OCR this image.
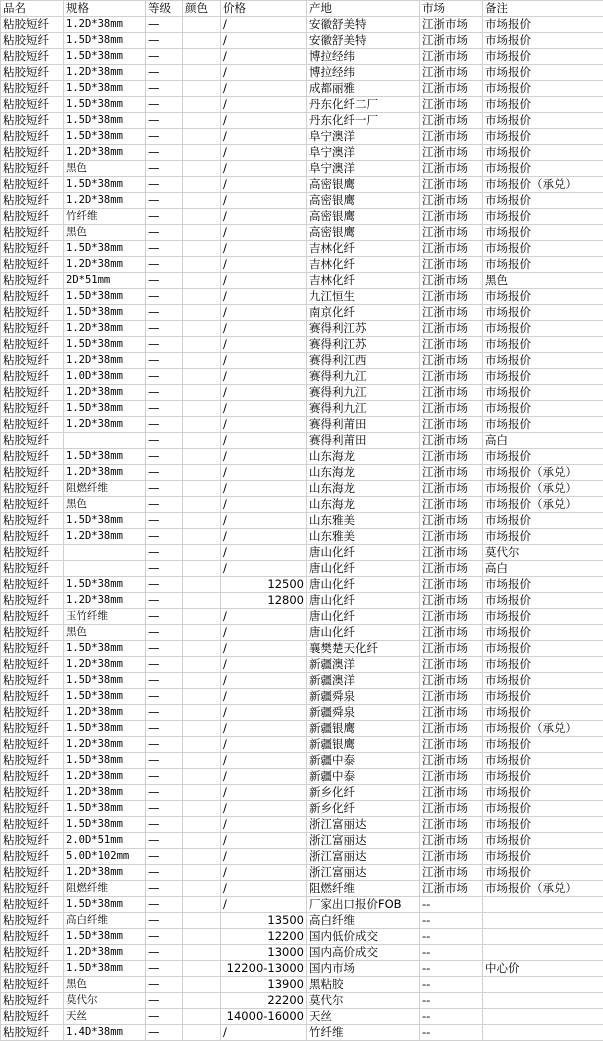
品名	规格	等级	颜色	价格	产地	市场	备注
粘胶短纤	1.2D*38mm	—		/	安徽舒美特	江浙市场	市场报价
粘胶短纤	1.5D*38mm	—		/	安徽舒美特	江浙市场	市场报价
粘胶短纤	1.5D*38mm	—		/	博拉经纬	江浙市场	市场报价
粘胶短纤	1.2D*38mm	—		/	博拉经纬	江浙市场	市场报价
粘胶短纤	1.5D*38mm	—		/	成都丽雅	江浙市场	市场报价
粘胶短纤	1.5D*38mm	—		/	丹东化纤二厂	江浙市场	市场报价
粘胶短纤	1.5D*38mm	—		/	丹东化纤一厂	江浙市场	市场报价
粘胶短纤	1.5D*38mm	—		/	阜宁澳洋	江浙市场	市场报价
粘胶短纤	1.2D*38mm	—		/	阜宁澳洋	江浙市场	市场报价
粘胶短纤	黑色	—		/	阜宁澳洋	江浙市场	市场报价
粘胶短纤	1.5D*38mm	—		/	高密银鹰	江浙市场	市场报价（承兑）
粘胶短纤	1.2D*38mm	—		/	高密银鹰	江浙市场	市场报价
粘胶短纤	竹纤维	—		/	高密银鹰	江浙市场	市场报价
粘胶短纤	黑色	—		/	高密银鹰	江浙市场	市场报价
粘胶短纤	1.5D*38mm	—		/	吉林化纤	江浙市场	市场报价
粘胶短纤	1.2D*38mm	—		/	吉林化纤	江浙市场	市场报价
粘胶短纤	2D*51mm	—		/	吉林化纤	江浙市场	黑色
粘胶短纤	1.5D*38mm	—		/	九江恒生	江浙市场	市场报价
粘胶短纤	1.5D*38mm	—		/	南京化纤	江浙市场	市场报价
粘胶短纤	1.2D*38mm	—		/	赛得利江苏	江浙市场	市场报价
粘胶短纤	1.5D*38mm	—		/	赛得利江苏	江浙市场	市场报价
粘胶短纤	1.2D*38mm	—		/	赛得利江西	江浙市场	市场报价
粘胶短纤	1.0D*38mm	—		/	赛得利九江	江浙市场	市场报价
粘胶短纤	1.2D*38mm	—		/	赛得利九江	江浙市场	市场报价
粘胶短纤	1.5D*38mm	—		/	赛得利九江	江浙市场	市场报价
粘胶短纤	1.2D*38mm	—		/	赛得利莆田	江浙市场	市场报价
粘胶短纤		—		/	赛得利莆田	江浙市场	高白
粘胶短纤	1.5D*38mm	—		/	山东海龙	江浙市场	市场报价
粘胶短纤	1.2D*38mm	—		/	山东海龙	江浙市场	市场报价（承兑）
粘胶短纤	阻燃纤维	—		/	山东海龙	江浙市场	市场报价（承兑）
粘胶短纤	黑色	—		/	山东海龙	江浙市场	市场报价（承兑）
粘胶短纤	1.5D*38mm	—		/	山东雅美	江浙市场	市场报价
粘胶短纤	1.2D*38mm	—		/	山东雅美	江浙市场	市场报价
粘胶短纤		—		/	唐山化纤	江浙市场	莫代尔
粘胶短纤		—		/	唐山化纤	江浙市场	高白
粘胶短纤	1.5D*38mm	—		12500	唐山化纤	江浙市场	市场报价
粘胶短纤	1.2D*38mm	—		12800	唐山化纤	江浙市场	市场报价
粘胶短纤	玉竹纤维	—		/	唐山化纤	江浙市场	市场报价
粘胶短纤	黑色	—		/	唐山化纤	江浙市场	市场报价
粘胶短纤	1.5D*38mm	—		/	襄樊楚天化纤	江浙市场	市场报价
粘胶短纤	1.2D*38mm	—		/	新疆澳洋	江浙市场	市场报价
粘胶短纤	1.5D*38mm	—		/	新疆澳洋	江浙市场	市场报价
粘胶短纤	1.5D*38mm	—		/	新疆舜泉	江浙市场	市场报价
粘胶短纤	1.2D*38mm	—		/	新疆舜泉	江浙市场	市场报价
粘胶短纤	1.5D*38mm	—		/	新疆银鹰	江浙市场	市场报价（承兑）
粘胶短纤	1.2D*38mm	—		/	新疆银鹰	江浙市场	市场报价
粘胶短纤	1.5D*38mm	—		/	新疆中泰	江浙市场	市场报价
粘胶短纤	1.2D*38mm	—		/	新疆中泰	江浙市场	市场报价
粘胶短纤	1.2D*38mm	—		/	新乡化纤	江浙市场	市场报价
粘胶短纤	1.5D*38mm	—		/	新乡化纤	江浙市场	市场报价
粘胶短纤	1.5D*38mm	—		/	浙江富丽达	江浙市场	市场报价
粘胶短纤	2.0D*51mm	—		/	浙江富丽达	江浙市场	市场报价
粘胶短纤	5.0D*102mm	—		/	浙江富丽达	江浙市场	市场报价
粘胶短纤	1.2D*38mm	—		/	浙江富丽达	江浙市场	市场报价
粘胶短纤	阻燃纤维	—		/	阻燃纤维	江浙市场	市场报价（承兑）
粘胶短纤	1.5D*38mm	—		/	厂家出口报价FOB	--	
粘胶短纤	高白纤维	—		13500	高白纤维	--	
粘胶短纤	1.5D*38mm	—		12200	国内低价成交	--	
粘胶短纤	1.2D*38mm	—		13000	国内高价成交	--	
粘胶短纤	1.5D*38mm	—		12200-13000	国内市场	--	中心价
粘胶短纤	黑色	—		13900	黑粘胶	--	
粘胶短纤	莫代尔	—		22200	莫代尔	--	
粘胶短纤	天丝	—		14000-16000	天丝	--	
粘胶短纤	1.4D*38mm	—		/	竹纤维	--	
